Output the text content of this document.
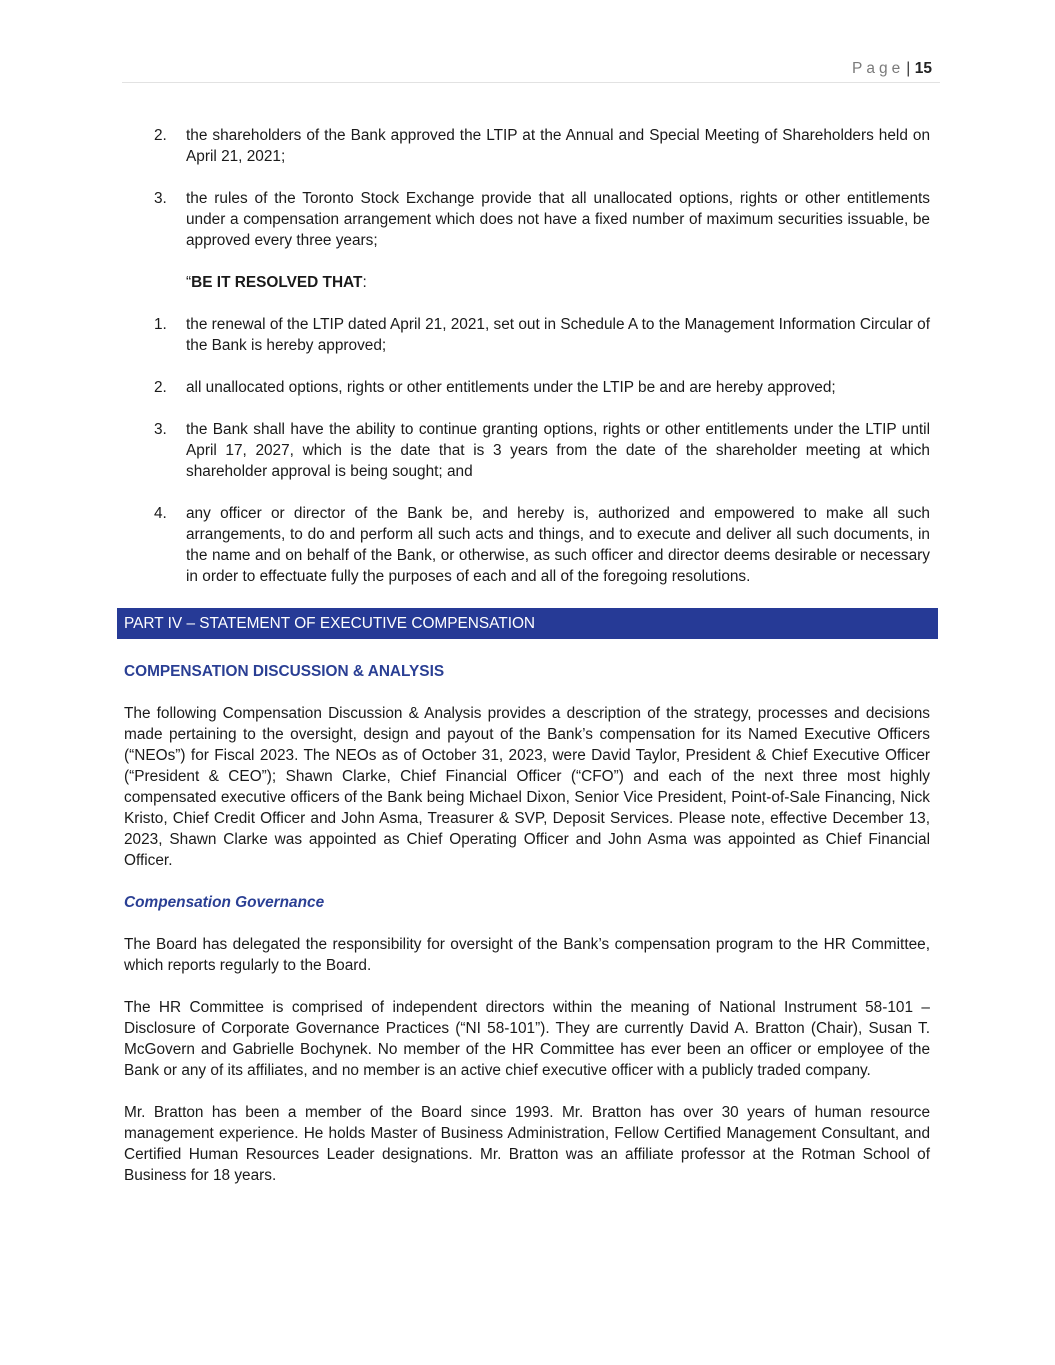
Page | 15
2. the shareholders of the Bank approved the LTIP at the Annual and Special Meeting of Shareholders held on April 21, 2021;
3. the rules of the Toronto Stock Exchange provide that all unallocated options, rights or other entitlements under a compensation arrangement which does not have a fixed number of maximum securities issuable, be approved every three years;
“BE IT RESOLVED THAT:
1. the renewal of the LTIP dated April 21, 2021, set out in Schedule A to the Management Information Circular of the Bank is hereby approved;
2. all unallocated options, rights or other entitlements under the LTIP be and are hereby approved;
3. the Bank shall have the ability to continue granting options, rights or other entitlements under the LTIP until April 17, 2027, which is the date that is 3 years from the date of the shareholder meeting at which shareholder approval is being sought; and
4. any officer or director of the Bank be, and hereby is, authorized and empowered to make all such arrangements, to do and perform all such acts and things, and to execute and deliver all such documents, in the name and on behalf of the Bank, or otherwise, as such officer and director deems desirable or necessary in order to effectuate fully the purposes of each and all of the foregoing resolutions.
PART IV – STATEMENT OF EXECUTIVE COMPENSATION
COMPENSATION DISCUSSION & ANALYSIS
The following Compensation Discussion & Analysis provides a description of the strategy, processes and decisions made pertaining to the oversight, design and payout of the Bank’s compensation for its Named Executive Officers (“NEOs”) for Fiscal 2023. The NEOs as of October 31, 2023, were David Taylor, President & Chief Executive Officer (“President & CEO”); Shawn Clarke, Chief Financial Officer (“CFO”) and each of the next three most highly compensated executive officers of the Bank being Michael Dixon, Senior Vice President, Point-of-Sale Financing, Nick Kristo, Chief Credit Officer and John Asma, Treasurer & SVP, Deposit Services. Please note, effective December 13, 2023, Shawn Clarke was appointed as Chief Operating Officer and John Asma was appointed as Chief Financial Officer.
Compensation Governance
The Board has delegated the responsibility for oversight of the Bank’s compensation program to the HR Committee, which reports regularly to the Board.
The HR Committee is comprised of independent directors within the meaning of National Instrument 58-101 – Disclosure of Corporate Governance Practices (“NI 58-101”). They are currently David A. Bratton (Chair), Susan T. McGovern and Gabrielle Bochynek. No member of the HR Committee has ever been an officer or employee of the Bank or any of its affiliates, and no member is an active chief executive officer with a publicly traded company.
Mr. Bratton has been a member of the Board since 1993. Mr. Bratton has over 30 years of human resource management experience. He holds Master of Business Administration, Fellow Certified Management Consultant, and Certified Human Resources Leader designations. Mr. Bratton was an affiliate professor at the Rotman School of Business for 18 years.
